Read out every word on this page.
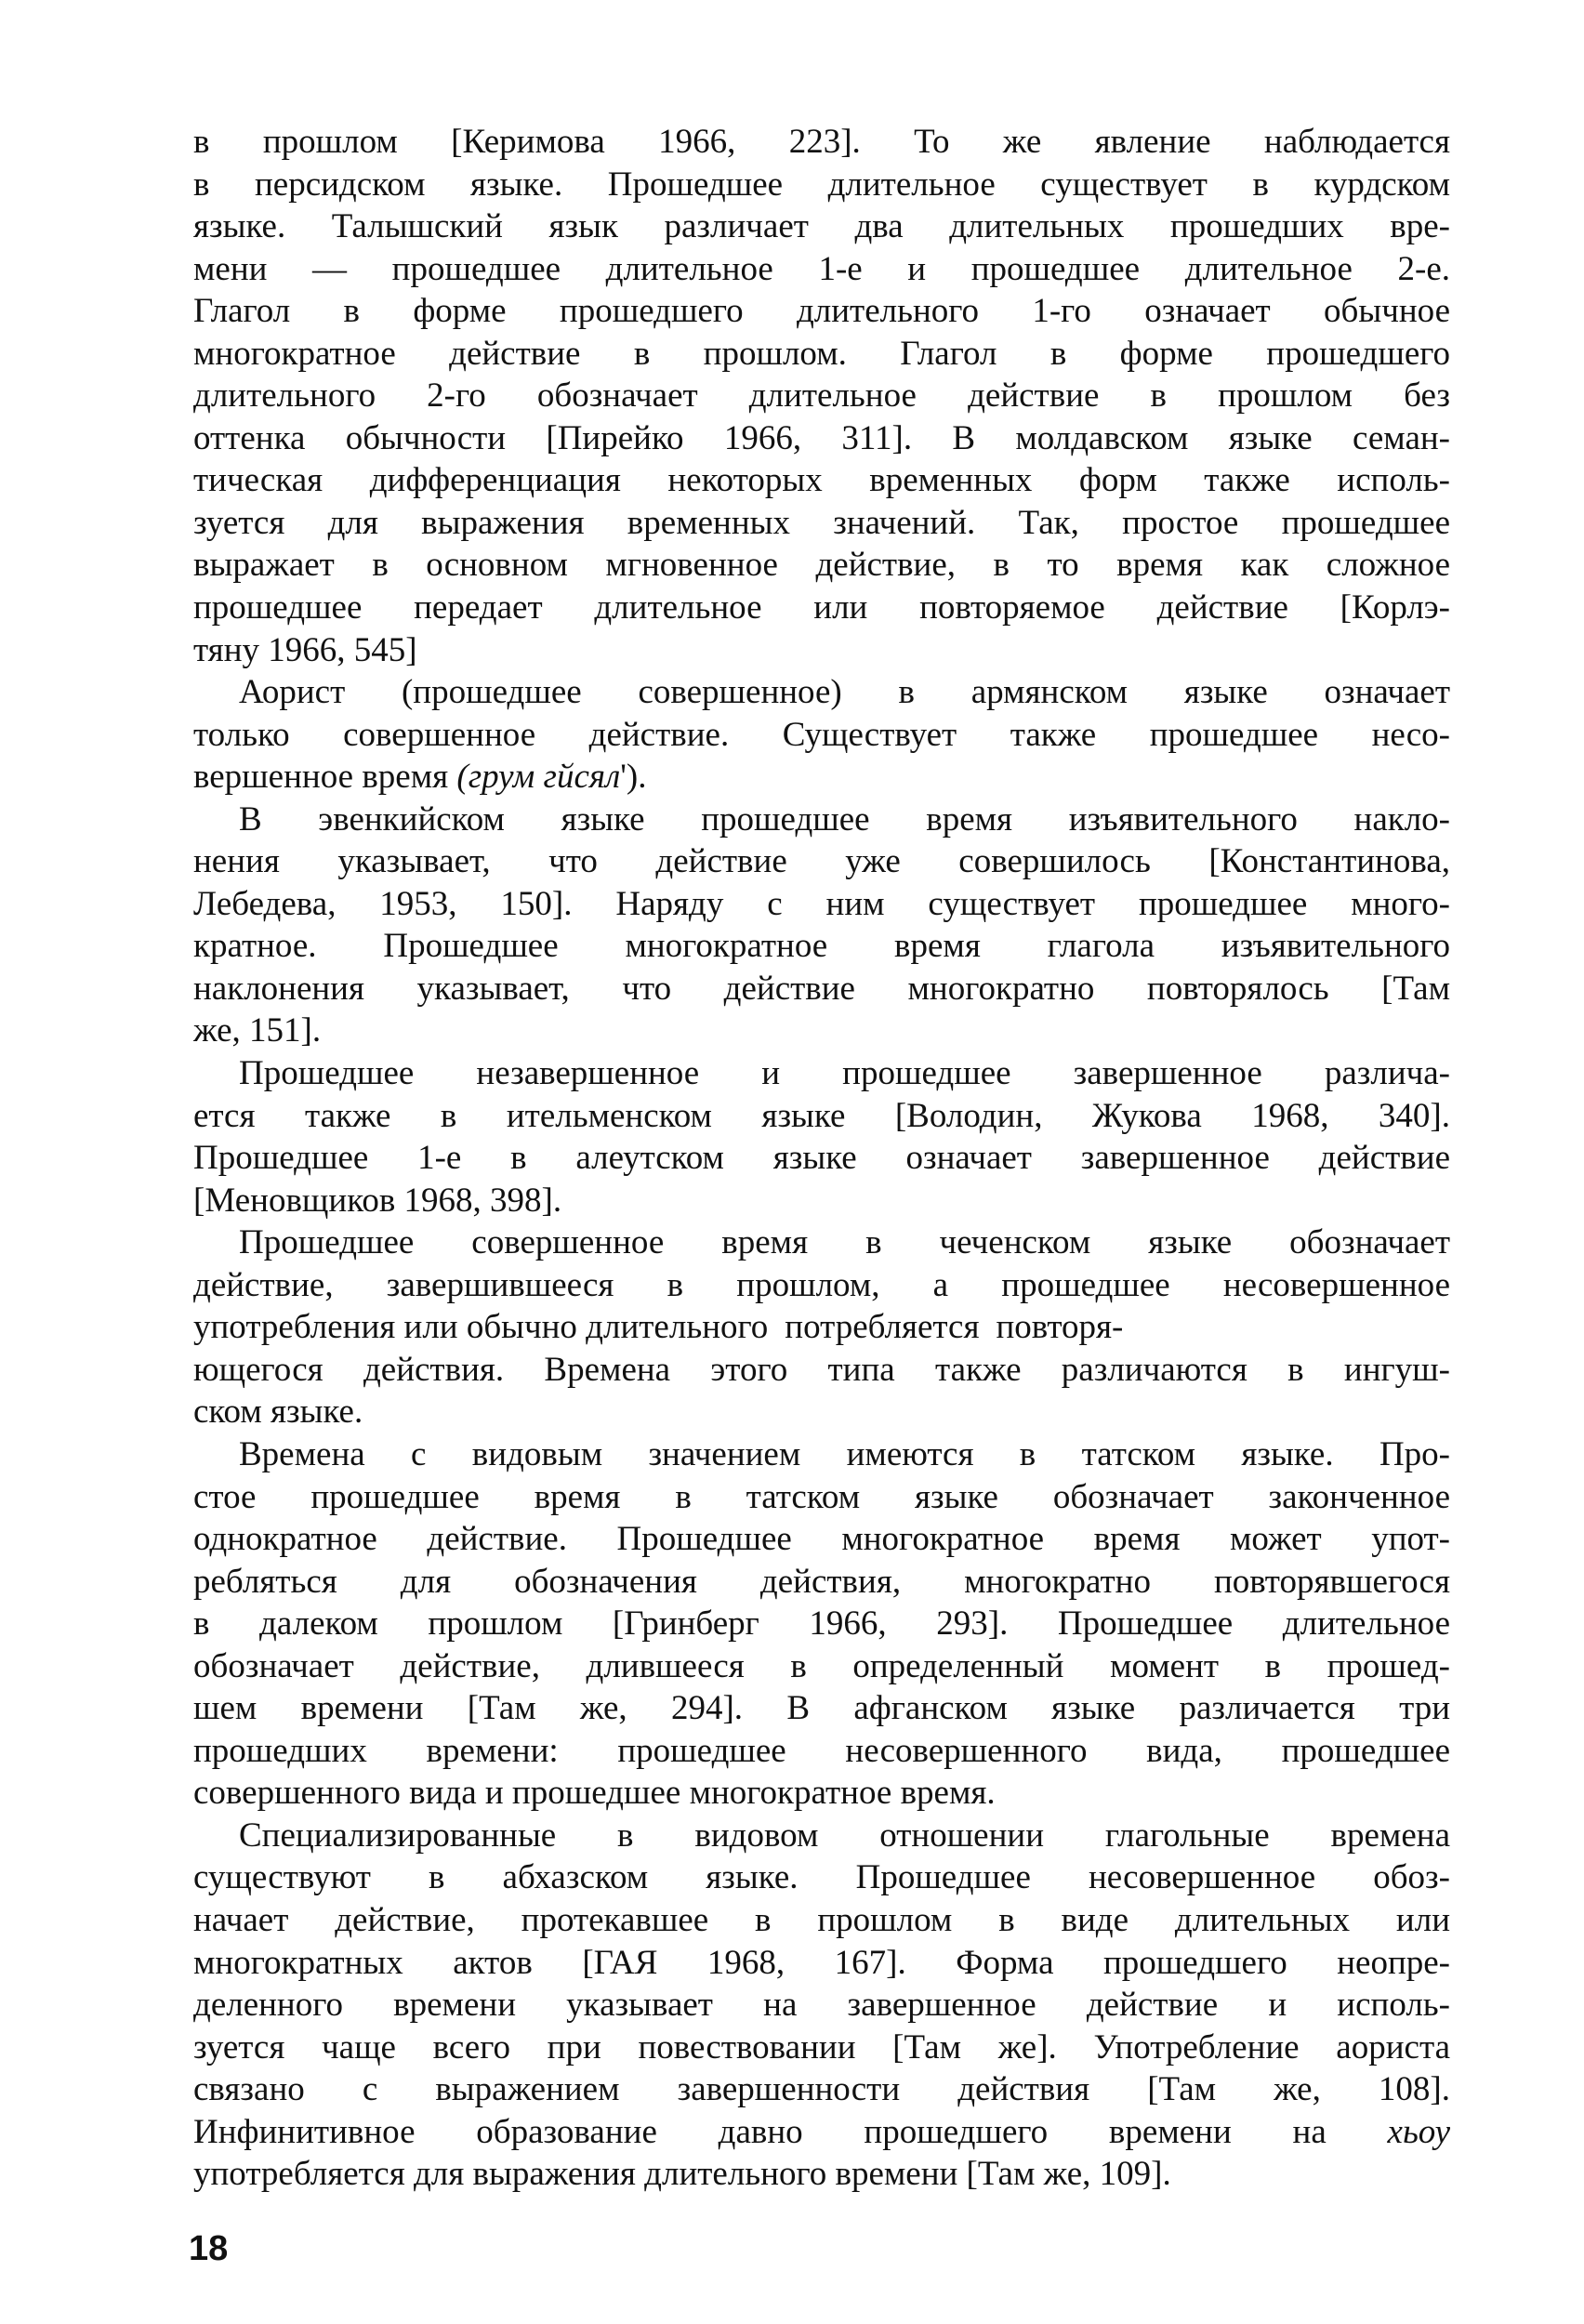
в прошлом [Керимова 1966, 223]. То же явление наблюдается
в персидском языке. Прошедшее длительное существует в курдском
языке. Талышский язык различает два длительных прошедших вре-
мени — прошедшее длительное 1-е и прошедшее длительное 2-е.
Глагол в форме прошедшего длительного 1-го означает обычное
многократное действие в прошлом. Глагол в форме прошедшего
длительного 2-го обозначает длительное действие в прошлом без
оттенка обычности [Пирейко 1966, 311]. В молдавском языке семан-
тическая дифференциация некоторых временных форм также исполь-
зуется для выражения временных значений. Так, простое прошедшее
выражает в основном мгновенное действие, в то время как сложное
прошедшее передает длительное или повторяемое действие [Корлэ-
тяну 1966, 545]
Аорист (прошедшее совершенное) в армянском языке означает
только совершенное действие. Существует также прошедшее несо-
вершенное время (грум гйсял').
В эвенкийском языке прошедшее время изъявительного накло-
нения указывает, что действие уже совершилось [Константинова,
Лебедева, 1953, 150]. Наряду с ним существует прошедшее много-
кратное. Прошедшее многократное время глагола изъявительного
наклонения указывает, что действие многократно повторялось [Там
же, 151].
Прошедшее незавершенное и прошедшее завершенное различа-
ется также в ительменском языке [Володин, Жукова 1968, 340].
Прошедшее 1-е в алеутском языке означает завершенное действие
[Меновщиков 1968, 398].
Прошедшее совершенное время в чеченском языке обозначает
действие, завершившееся в прошлом, а прошедшее несовершенное
употребления или обычно длительного потребляется повторя-
ющегося действия. Времена этого типа также различаются в ингуш-
ском языке.
Времена с видовым значением имеются в татском языке. Про-
стое прошедшее время в татском языке обозначает законченное
однократное действие. Прошедшее многократное время может упот-
ребляться для обозначения действия, многократно повторявшегося
в далеком прошлом [Гринберг 1966, 293]. Прошедшее длительное
обозначает действие, длившееся в определенный момент в прошед-
шем времени [Там же, 294]. В афганском языке различается три
прошедших времени: прошедшее несовершенного вида, прошедшее
совершенного вида и прошедшее многократное время.
Специализированные в видовом отношении глагольные времена
существуют в абхазском языке. Прошедшее несовершенное обоз-
начает действие, протекавшее в прошлом в виде длительных или
многократных актов [ГАЯ 1968, 167]. Форма прошедшего неопре-
деленного времени указывает на завершенное действие и исполь-
зуется чаще всего при повествовании [Там же]. Употребление аориста
связано с выражением завершенности действия [Там же, 108].
Инфинитивное образование давно прошедшего времени на хьоу
употребляется для выражения длительного времени [Там же, 109].
18
